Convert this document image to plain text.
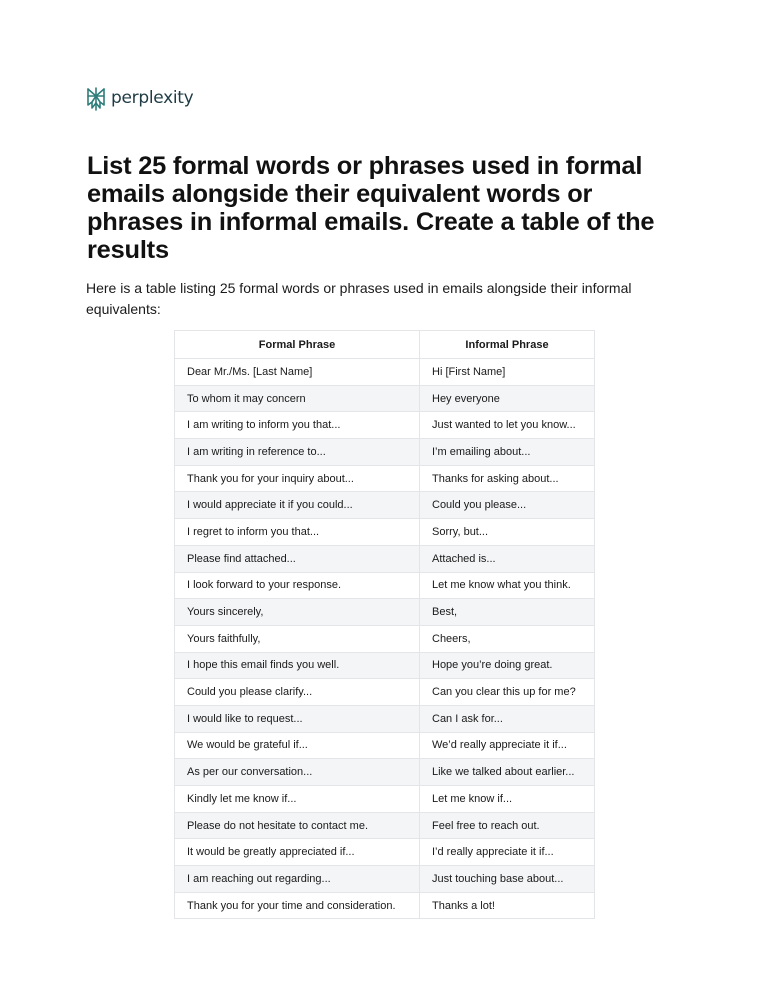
perplexity
List 25 formal words or phrases used in formal emails alongside their equivalent words or phrases in informal emails. Create a table of the results

Here is a table listing 25 formal words or phrases used in emails alongside their informal equivalents:

Formal Phrase	Informal Phrase
Dear Mr./Ms. [Last Name]	Hi [First Name]
To whom it may concern	Hey everyone
I am writing to inform you that...	Just wanted to let you know...
I am writing in reference to...	I’m emailing about...
Thank you for your inquiry about...	Thanks for asking about...
I would appreciate it if you could...	Could you please...
I regret to inform you that...	Sorry, but...
Please find attached...	Attached is...
I look forward to your response.	Let me know what you think.
Yours sincerely,	Best,
Yours faithfully,	Cheers,
I hope this email finds you well.	Hope you’re doing great.
Could you please clarify...	Can you clear this up for me?
I would like to request...	Can I ask for...
We would be grateful if...	We’d really appreciate it if...
As per our conversation...	Like we talked about earlier...
Kindly let me know if...	Let me know if...
Please do not hesitate to contact me.	Feel free to reach out.
It would be greatly appreciated if...	I’d really appreciate it if...
I am reaching out regarding...	Just touching base about...
Thank you for your time and consideration.	Thanks a lot!
